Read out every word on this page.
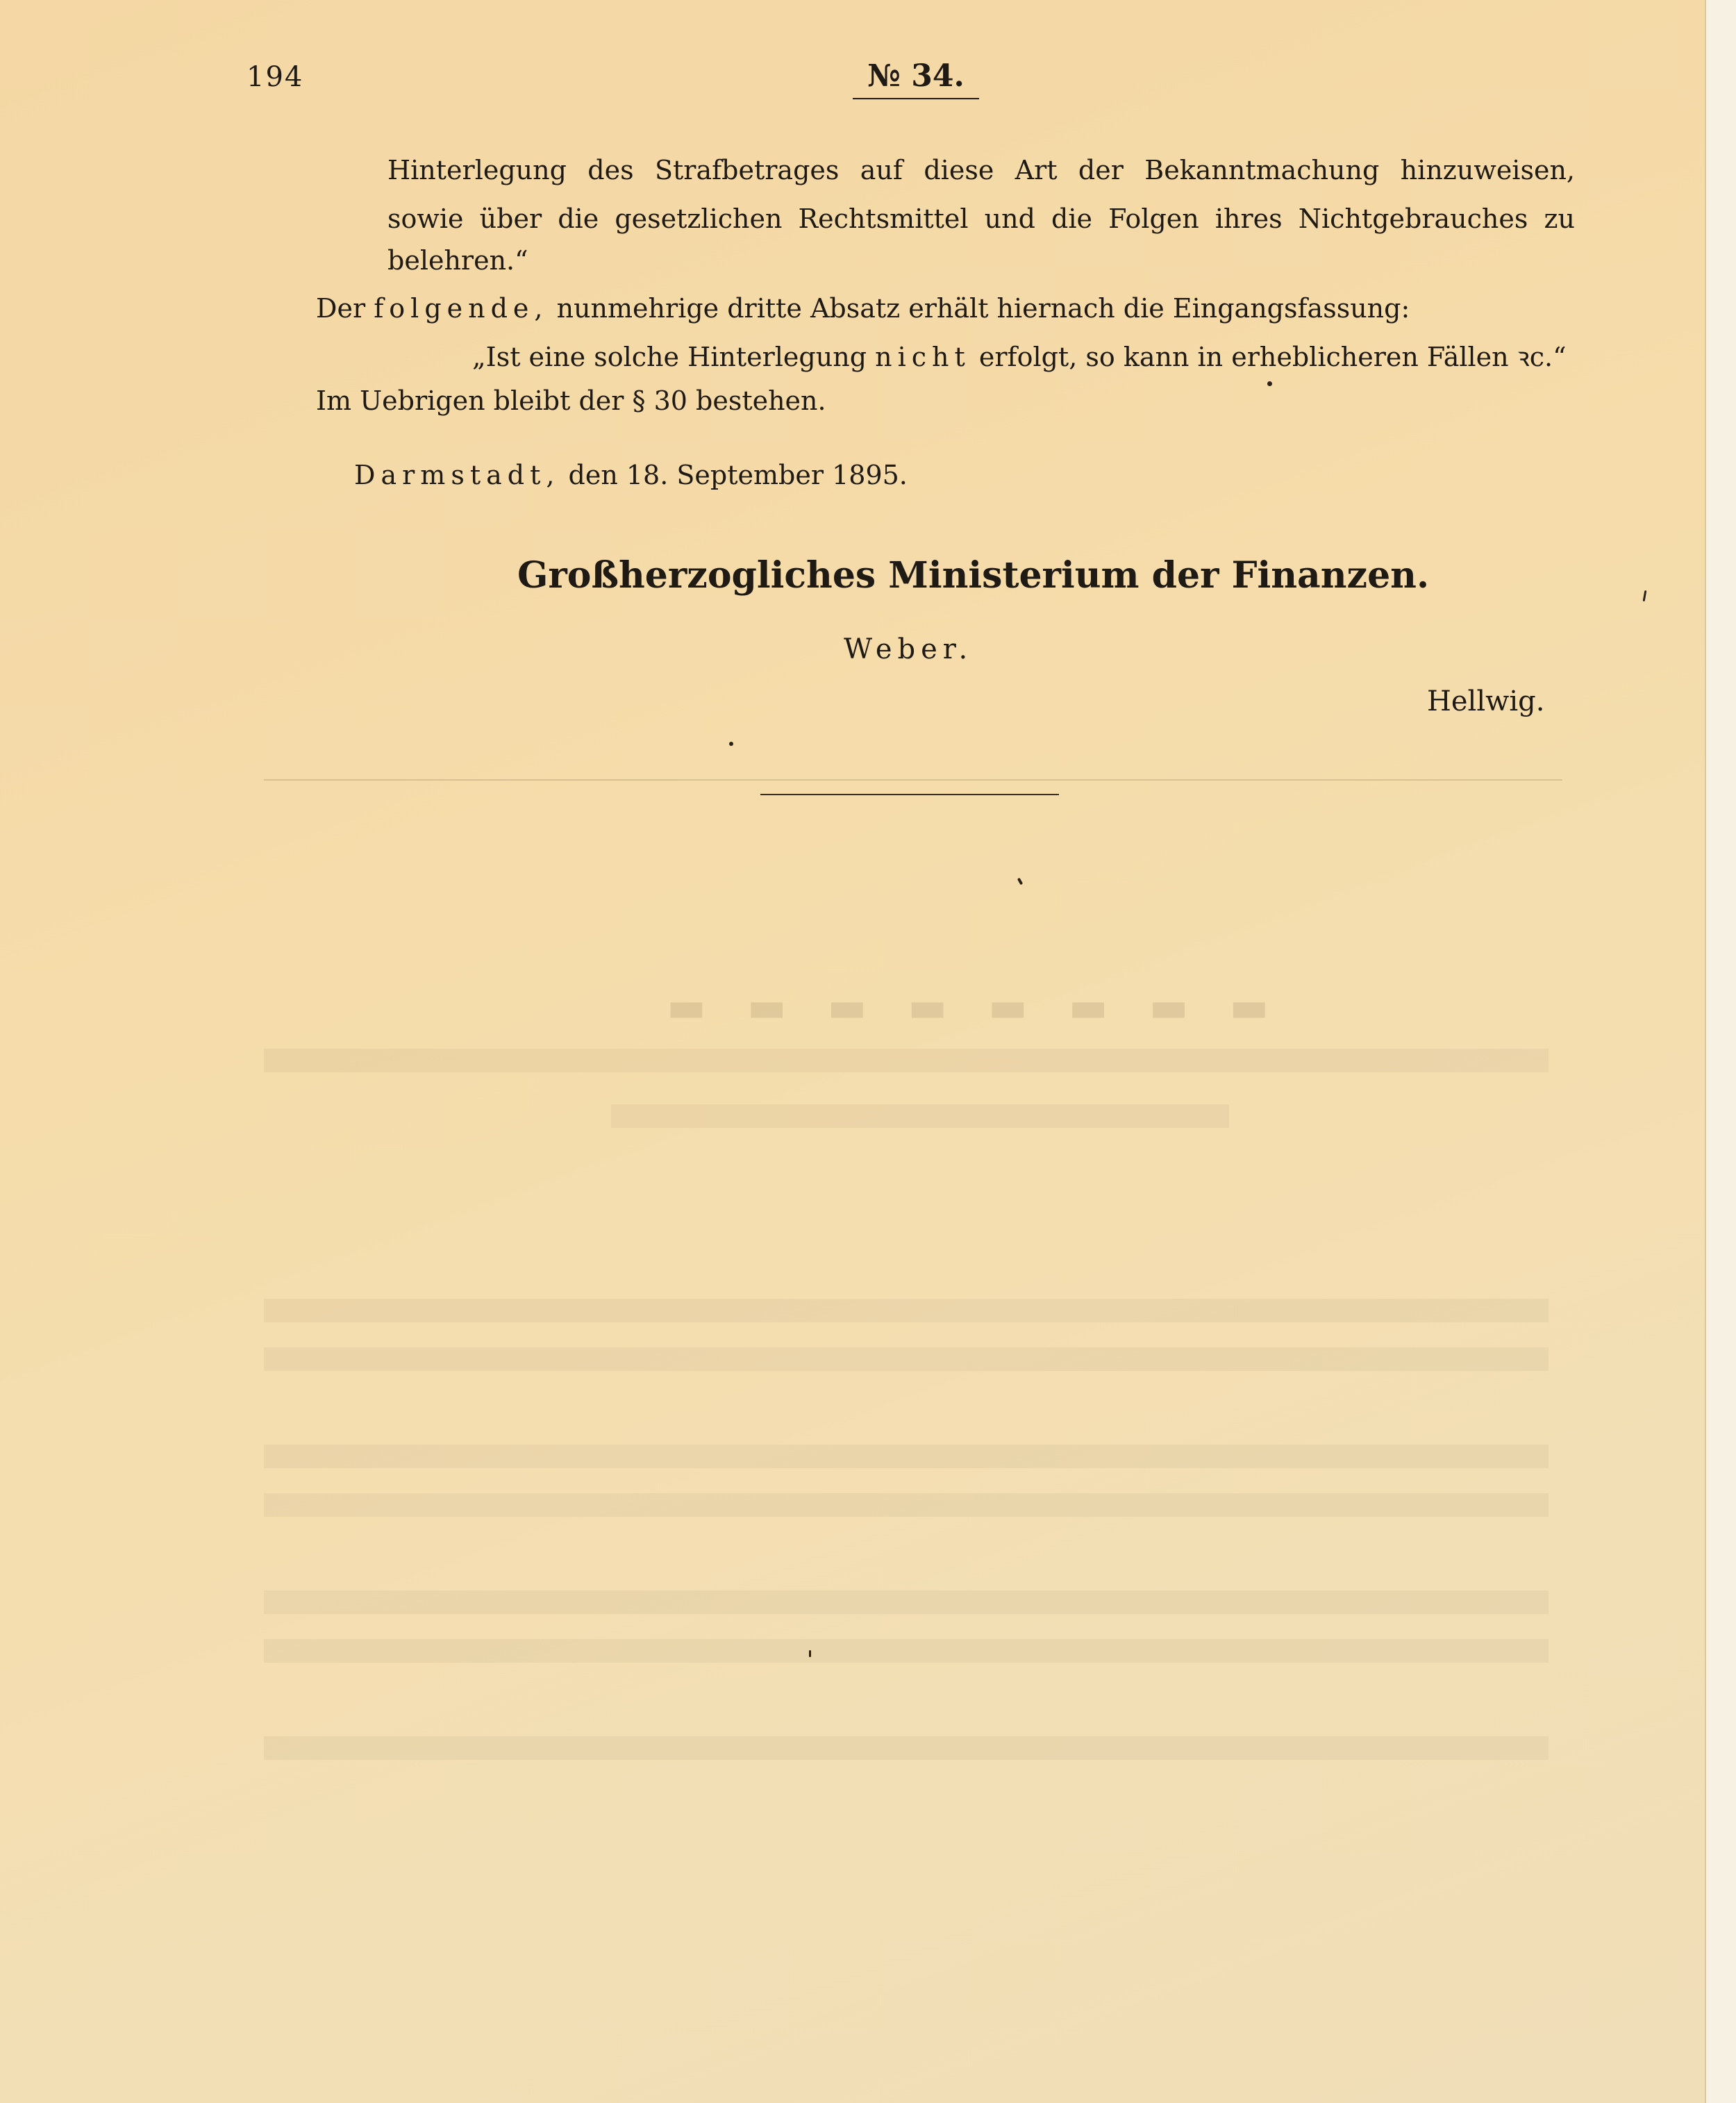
194	№ 34.
Hinterlegung des Strafbetrages auf diese Art der Bekanntmachung hinzuweisen,
sowie über die gesetzlichen Rechtsmittel und die Folgen ihres Nichtgebrauches zu
belehren.“
Der folgende, nunmehrige dritte Absatz erhält hiernach die Eingangsfassung:
„Ist eine solche Hinterlegung nicht erfolgt, so kann in erheblicheren Fällen ꝛc.“
Im Uebrigen bleibt der § 30 bestehen.
Darmstadt, den 18. September 1895.
Großherzogliches Ministerium der Finanzen.
Weber.
Hellwig.
▬ ▬ ▬ ▬ ▬ ▬ ▬ ▬
